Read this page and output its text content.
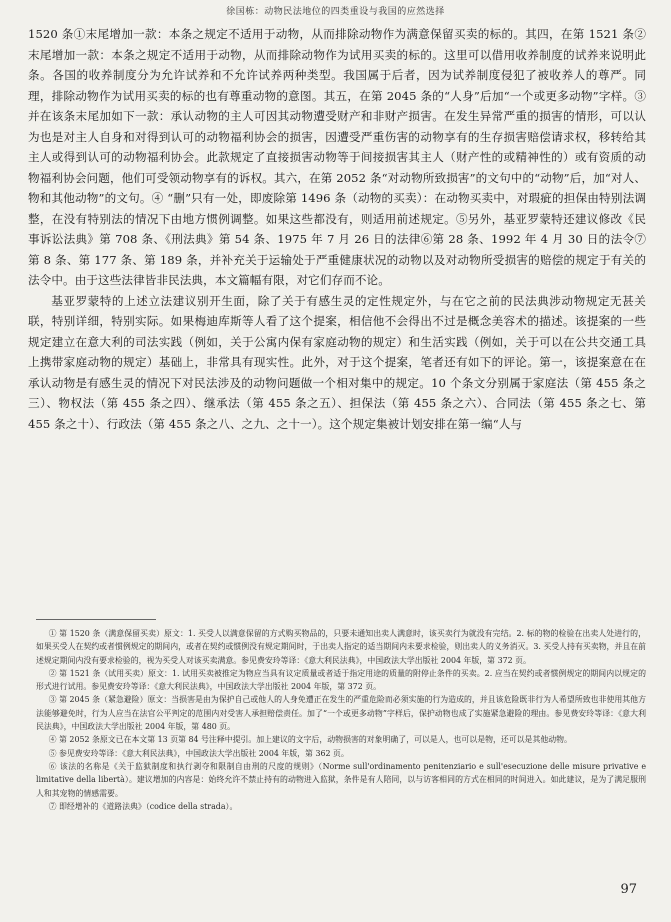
徐国栋：动物民法地位的四类重设与我国的应然选择

1520 条①末尾增加一款：本条之规定不适用于动物，从而排除动物作为满意保留买卖的标的。其四，在第 1521 条②末尾增加一款：本条之规定不适用于动物，从而排除动物作为试用买卖的标的。这里可以借用收养制度的试养来说明此条。各国的收养制度分为允许试养和不允许试养两种类型。我国属于后者，因为试养制度侵犯了被收养人的尊严。同理，排除动物作为试用买卖的标的也有尊重动物的意图。其五，在第 2045 条的“人身”后加“一个或更多动物”字样。③ 并在该条末尾加如下一款：承认动物的主人可因其动物遭受财产和非财产损害。在发生异常严重的损害的情形，可以认为也是对主人自身和对得到认可的动物福利协会的损害，因遭受严重伤害的动物享有的生存损害赔偿请求权，移转给其主人或得到认可的动物福利协会。此款规定了直接损害动物等于间接损害其主人（财产性的或精神性的）或有资质的动物福利协会问题，他们可受领动物享有的诉权。其六，在第 2052 条“对动物所致损害”的文句中的“动物”后，加“对人、物和其他动物”的文句。④ “删”只有一处，即废除第 1496 条（动物的买卖）：在动物买卖中，对瑕疵的担保由特别法调整，在没有特别法的情况下由地方惯例调整。如果这些都没有，则适用前述规定。⑤另外，基亚罗蒙特还建议修改《民事诉讼法典》第 708 条、《刑法典》第 54 条、1975 年 7 月 26 日的法律⑥第 28 条、1992 年 4 月 30 日的法令⑦第 8 条、第 177 条、第 189 条，并补充关于运输处于严重健康状况的动物以及对动物所受损害的赔偿的规定于有关的法令中。由于这些法律皆非民法典，本文篇幅有限，对它们存而不论。

基亚罗蒙特的上述立法建议别开生面，除了关于有感生灵的定性规定外，与在它之前的民法典涉动物规定无甚关联，特别详细，特别实际。如果梅迪库斯等人看了这个提案，相信他不会得出不过是概念美容术的描述。该提案的一些规定建立在意大利的司法实践（例如，关于公寓内保有家庭动物的规定）和生活实践（例如，关于可以在公共交通工具上携带家庭动物的规定）基础上，非常具有现实性。此外，对于这个提案，笔者还有如下的评论。第一，该提案意在在承认动物是有感生灵的情况下对民法涉及的动物问题做一个相对集中的规定。10 个条文分别属于家庭法（第 455 条之三）、物权法（第 455 条之四）、继承法（第 455 条之五）、担保法（第 455 条之六）、合同法（第 455 条之七、第 455 条之十）、行政法（第 455 条之八、之九、之十一）。这个规定集被计划安排在第一编“人与

① 第 1520 条（满意保留买卖）原文：1. 买受人以满意保留的方式购买物品的，只要未通知出卖人满意时，该买卖行为就没有完结。2. 标的物的检验在出卖人处进行的，如果买受人在契约或者惯例规定的期间内，或者在契约或惯例没有规定期间时，于出卖人指定的适当期间内未要求检验，则出卖人的义务消灭。3. 买受人持有买卖物，并且在前述规定期间内没有要求检验的，视为买受人对该买卖满意。参见费安玲等译：《意大利民法典》，中国政法大学出版社 2004 年版，第 372 页。

② 第 1521 条（试用买卖）原文：1. 试用买卖被推定为物应当具有议定质量或者适于指定用途的质量的附停止条件的买卖。2. 应当在契约或者惯例规定的期间内以规定的形式进行试用。参见费安玲等译：《意大利民法典》，中国政法大学出版社 2004 年版，第 372 页。

③ 第 2045 条（紧急避险）原文：当损害是由为保护自己或他人的人身免遭正在发生的严重危险而必须实施的行为造成的，并且该危险既非行为人希望所致也非使用其他方法能够避免时，行为人应当在法官公平判定的范围内对受害人承担赔偿责任。加了“一个或更多动物”字样后，保护动物也成了实施紧急避险的理由。参见费安玲等译：《意大利民法典》，中国政法大学出版社 2004 年版，第 480 页。

④ 第 2052 条原文已在本文第 13 页第 84 号注释中提引。加上建议的文字后，动物损害的对象明确了，可以是人，也可以是物，还可以是其他动物。

⑤ 参见费安玲等译：《意大利民法典》，中国政法大学出版社 2004 年版，第 362 页。

⑥ 该法的名称是《关于监狱制度和执行剥夺和限制自由刑的尺度的规则》（Norme sull'ordinamento penitenziario e sull'esecuzione delle misure privative e limitative della libertà）。建议增加的内容是：始终允许不禁止持有的动物进入监狱，条件是有人陪同，以与访客相同的方式在相同的时间进入。如此建议，是为了满足服刑人和其宠物的情感需要。

⑦ 即经增补的《道路法典》（codice della strada）。

97
